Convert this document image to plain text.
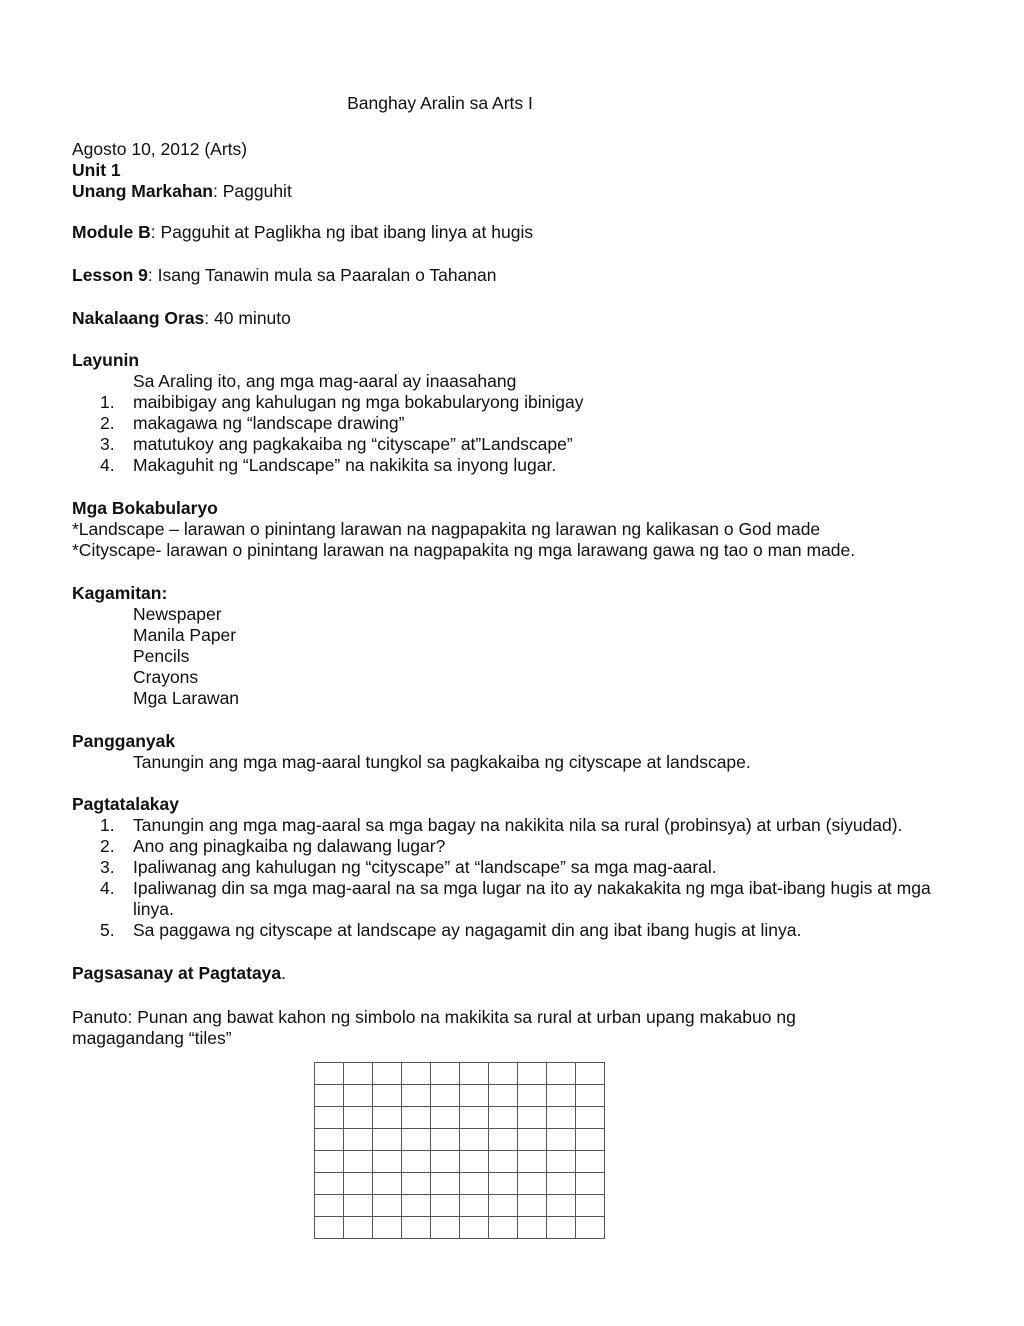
Banghay Aralin sa Arts I
Agosto 10, 2012 (Arts)
Unit 1
Unang Markahan: Pagguhit
Module B: Pagguhit at Paglikha ng ibat ibang linya at hugis
Lesson 9: Isang Tanawin mula sa Paaralan o Tahanan
Nakalaang Oras: 40 minuto
Layunin
Sa Araling ito, ang mga mag-aaral ay inaasahang
1.	maibibigay ang kahulugan ng mga bokabularyong ibinigay
2.	makagawa ng “landscape drawing”
3.	matutukoy ang pagkakaiba ng “cityscape” at”Landscape”
4.	Makaguhit ng “Landscape” na nakikita sa inyong lugar.
Mga Bokabularyo
*Landscape – larawan o pinintang larawan na nagpapakita ng larawan ng kalikasan o God made
*Cityscape- larawan o pinintang larawan na nagpapakita ng mga larawang gawa ng tao o man made.
Kagamitan:
Newspaper
Manila Paper
Pencils
Crayons
Mga Larawan
Pangganyak
Tanungin ang mga mag-aaral tungkol sa pagkakaiba ng cityscape at landscape.
Pagtatalakay
1.	Tanungin ang mga mag-aaral sa mga bagay na nakikita nila sa rural (probinsya) at urban (siyudad).
2.	Ano ang pinagkaiba ng dalawang lugar?
3.	Ipaliwanag ang kahulugan ng “cityscape” at “landscape” sa mga mag-aaral.
4.	Ipaliwanag din sa mga mag-aaral na sa mga lugar na ito ay nakakakita ng mga ibat-ibang hugis at mga linya.
5.	Sa paggawa ng cityscape at landscape ay nagagamit din ang ibat ibang hugis at linya.
Pagsasanay at Pagtataya.
Panuto: Punan ang bawat kahon ng simbolo na makikita sa rural at urban upang makabuo ng
magagandang “tiles”
